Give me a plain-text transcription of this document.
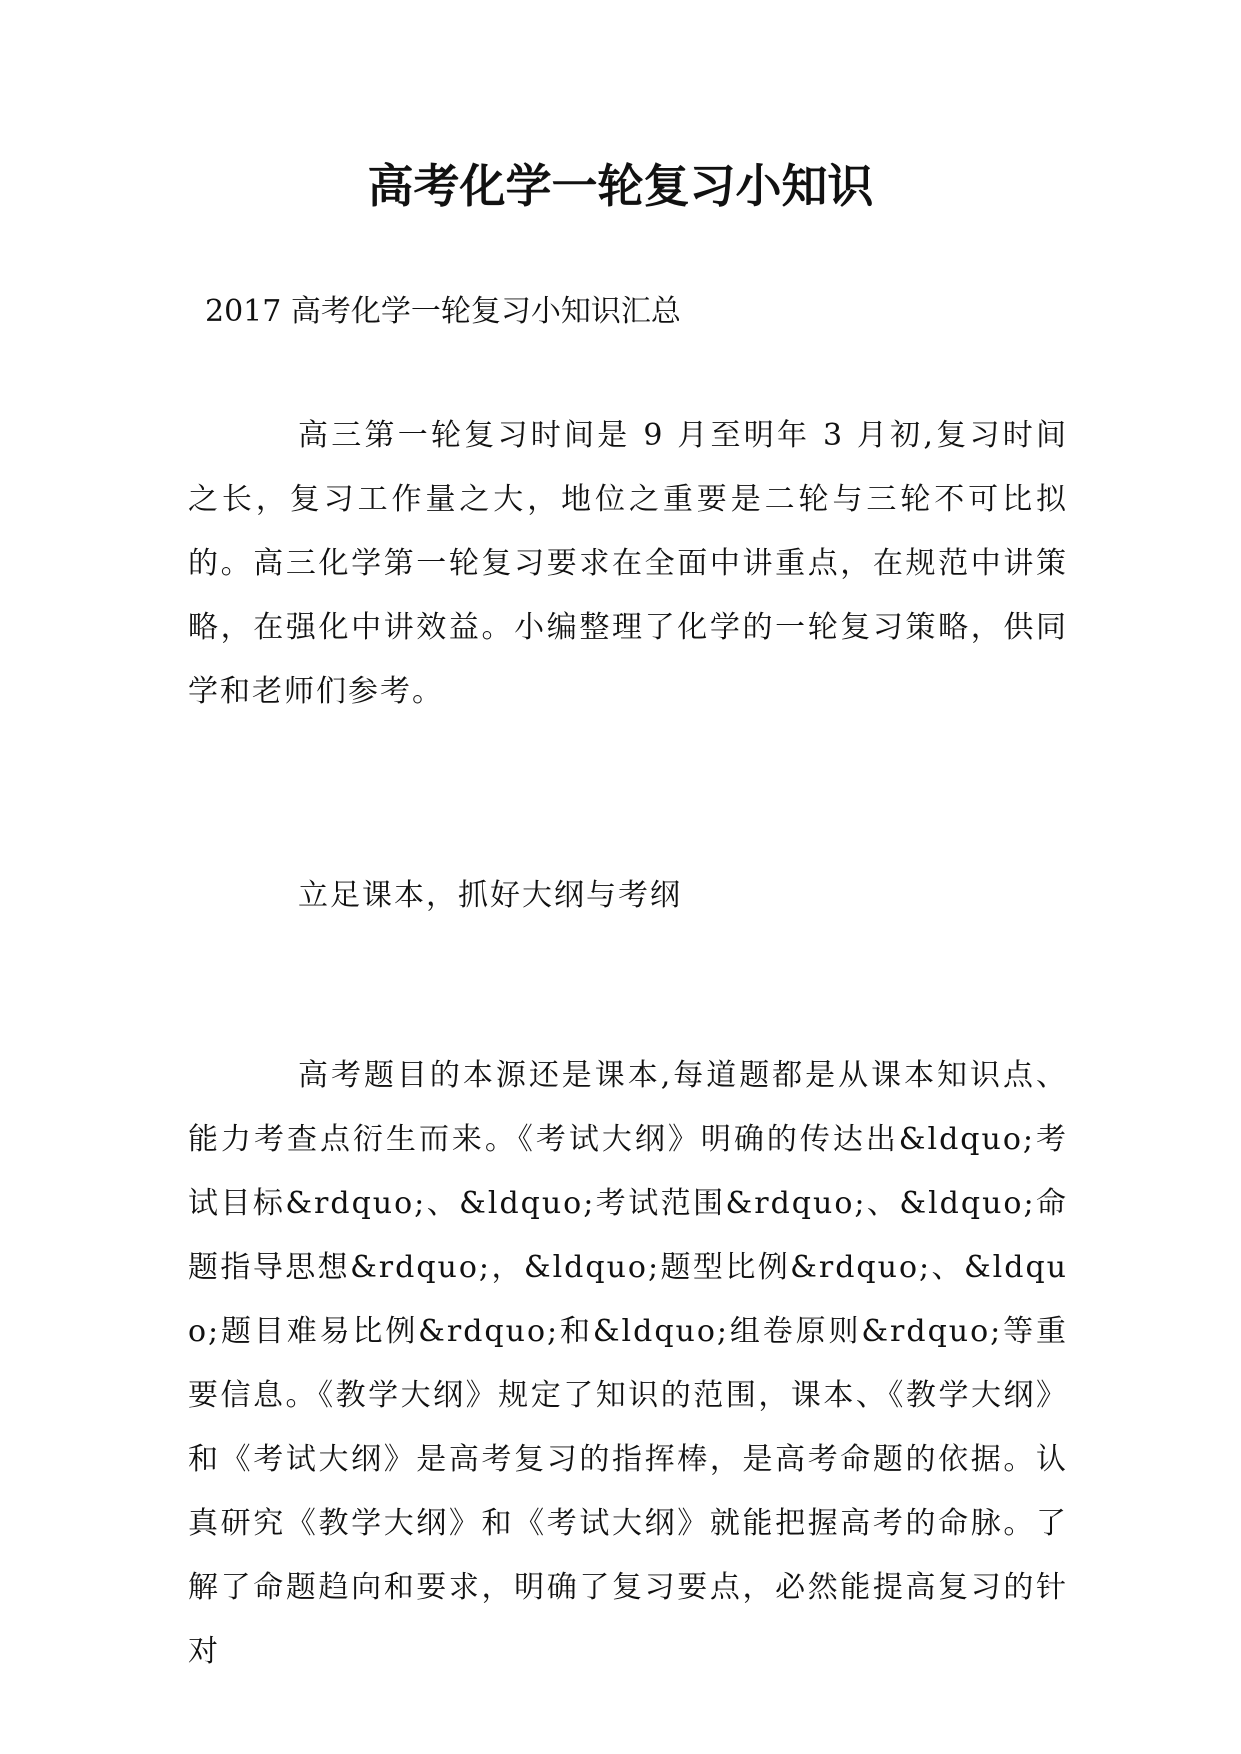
高考化学一轮复习小知识

2017 高考化学一轮复习小知识汇总

高三第一轮复习时间是 9 月至明年 3 月初,复习时间之长，复习工作量之大，地位之重要是二轮与三轮不可比拟的。高三化学第一轮复习要求在全面中讲重点，在规范中讲策略，在强化中讲效益。小编整理了化学的一轮复习策略，供同学和老师们参考。

立足课本，抓好大纲与考纲

高考题目的本源还是课本,每道题都是从课本知识点、能力考查点衍生而来。《考试大纲》明确的传达出&ldquo;考试目标&rdquo;、&ldquo;考试范围&rdquo;、&ldquo;命题指导思想&rdquo;，&ldquo;题型比例&rdquo;、&ldquo;题目难易比例&rdquo;和&ldquo;组卷原则&rdquo;等重要信息。《教学大纲》规定了知识的范围，课本、《教学大纲》和《考试大纲》是高考复习的指挥棒，是高考命题的依据。认真研究《教学大纲》和《考试大纲》就能把握高考的命脉。了解了命题趋向和要求，明确了复习要点，必然能提高复习的针对
